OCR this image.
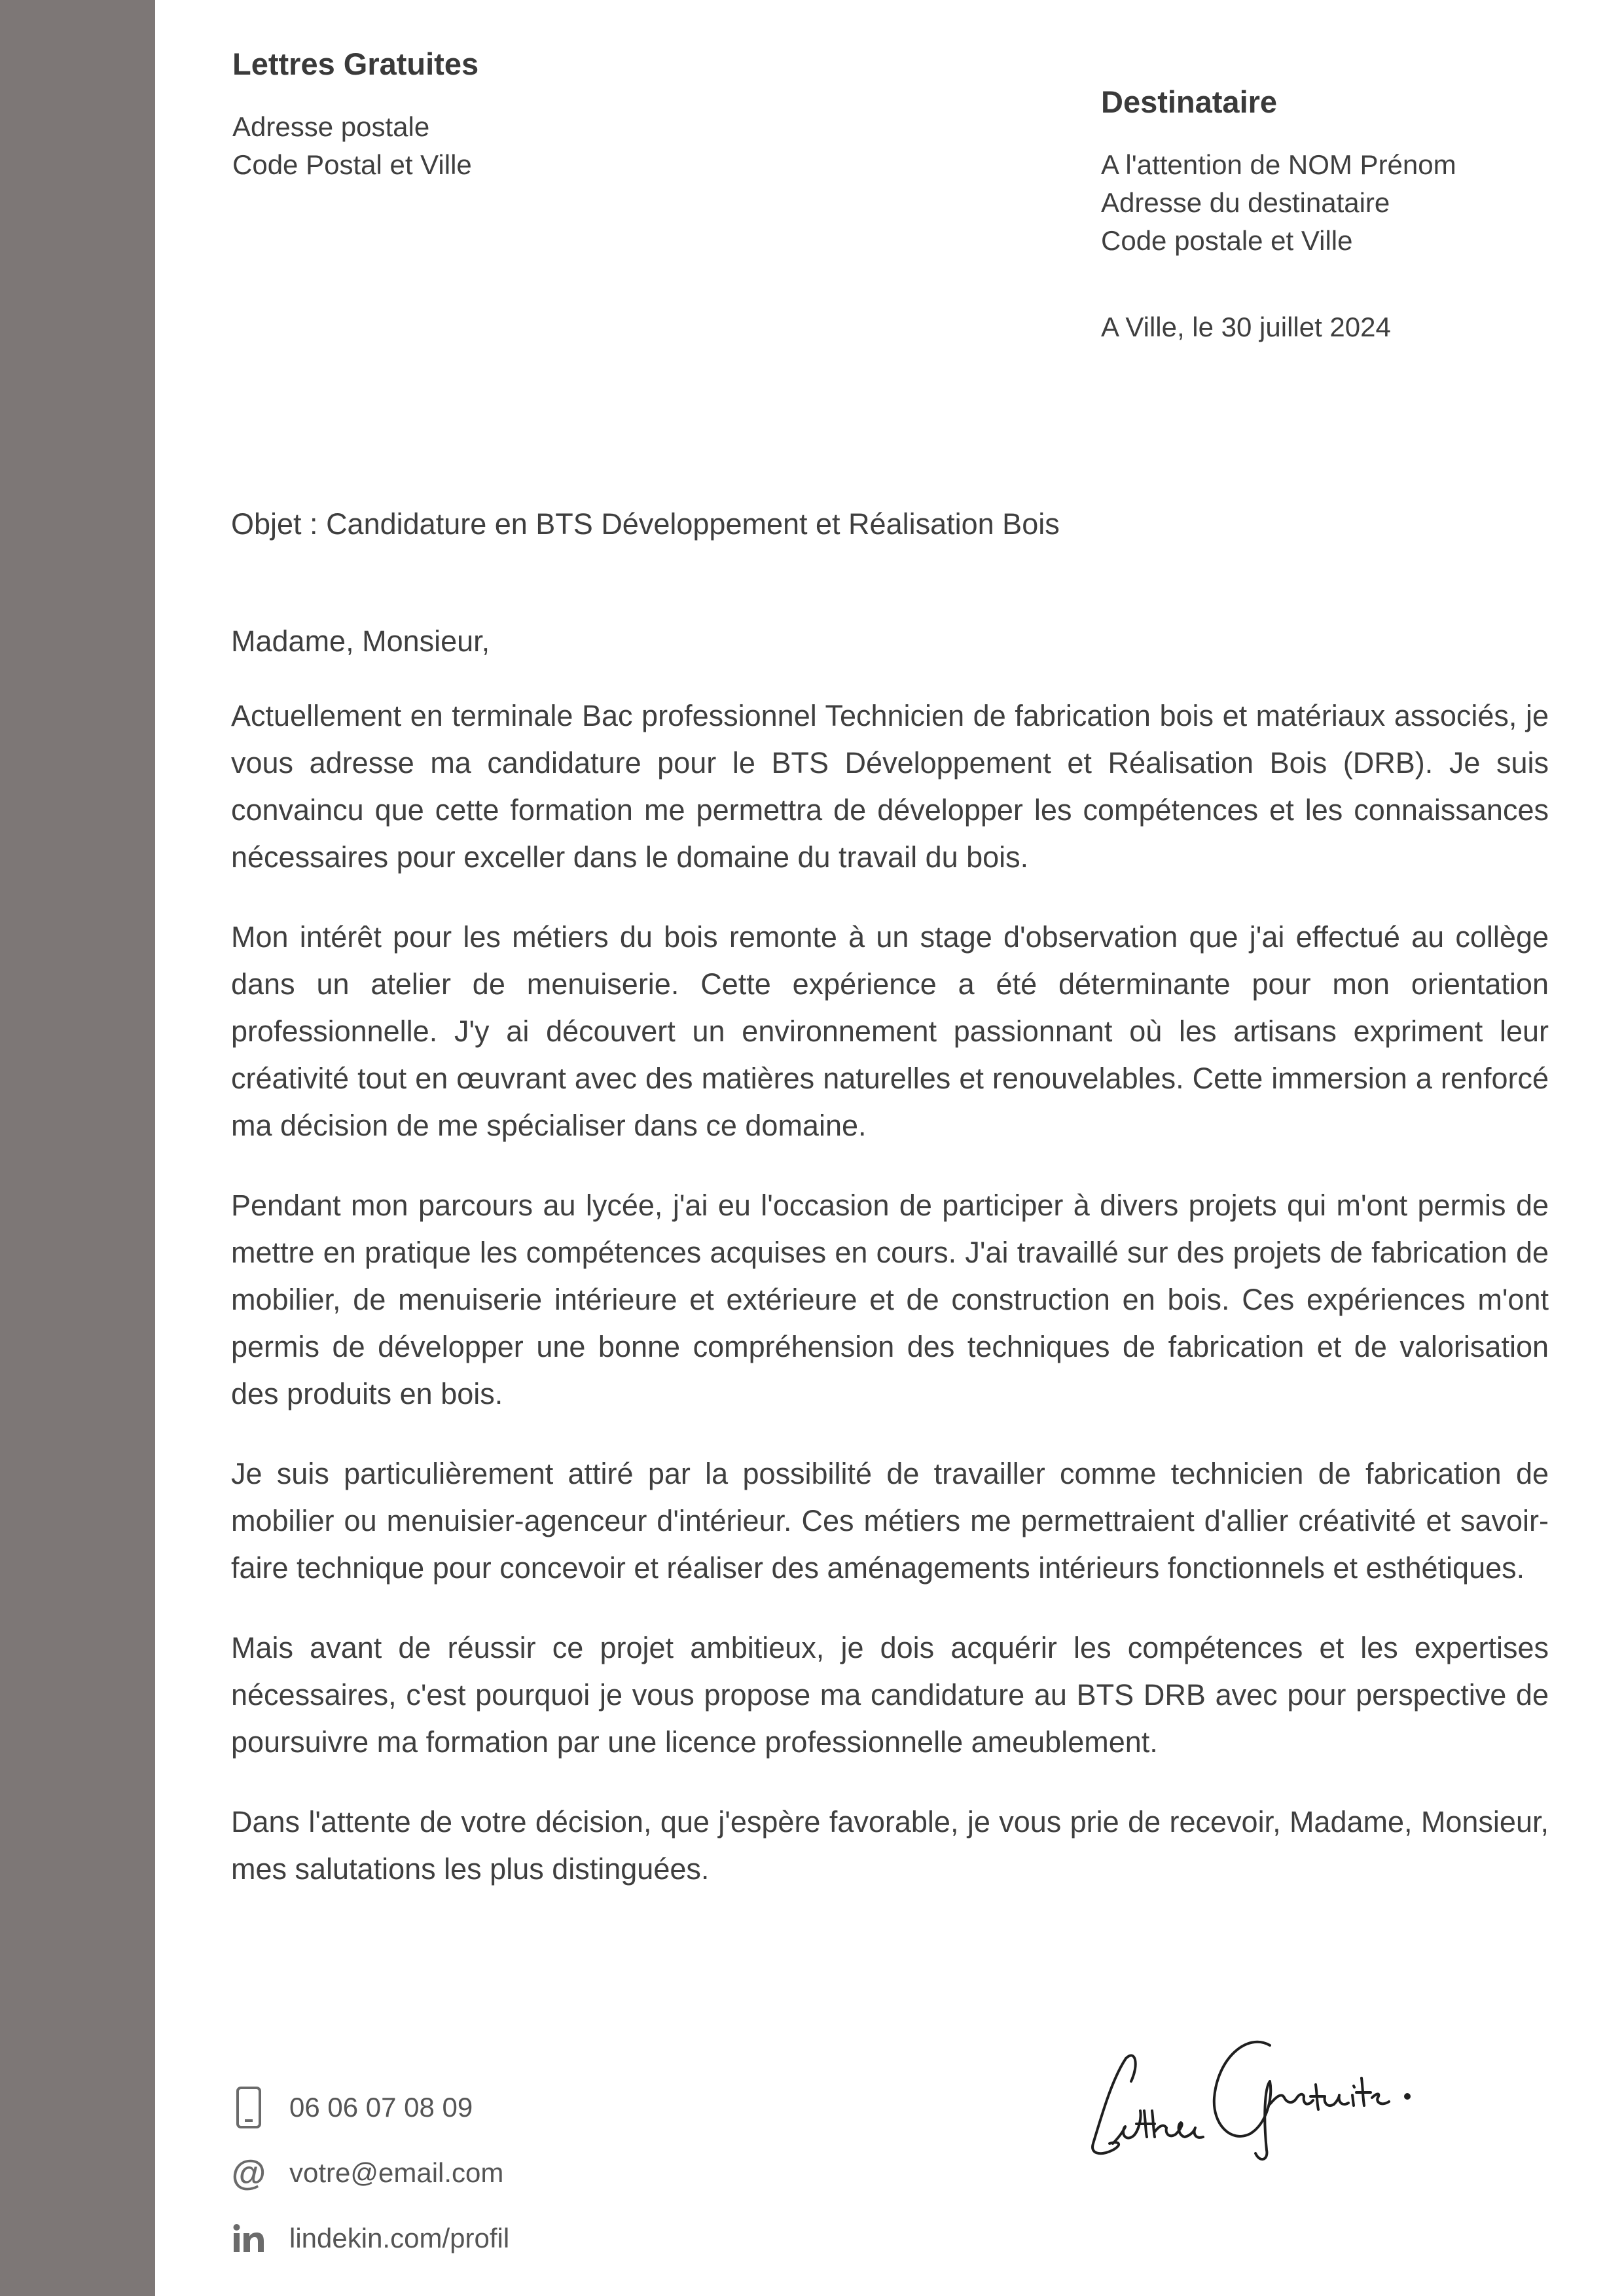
Lettres Gratuites

Adresse postale

Code Postal et Ville

Destinataire

A l'attention de NOM Prénom

Adresse du destinataire

Code postale et Ville

A Ville, le 30 juillet 2024
Objet : Candidature en BTS Développement et Réalisation Bois

Madame, Monsieur,

Actuellement en terminale Bac professionnel Technicien de fabrication bois et matériaux associés, je vous adresse ma candidature pour le BTS Développement et Réalisation Bois (DRB). Je suis convaincu que cette formation me permettra de développer les compétences et les connaissances nécessaires pour exceller dans le domaine du travail du bois.

Mon intérêt pour les métiers du bois remonte à un stage d'observation que j'ai effectué au collège dans un atelier de menuiserie. Cette expérience a été déterminante pour mon orientation professionnelle. J'y ai découvert un environnement passionnant où les artisans expriment leur créativité tout en œuvrant avec des matières naturelles et renouvelables. Cette immersion a renforcé ma décision de me spécialiser dans ce domaine.

Pendant mon parcours au lycée, j'ai eu l'occasion de participer à divers projets qui m'ont permis de mettre en pratique les compétences acquises en cours. J'ai travaillé sur des projets de fabrication de mobilier, de menuiserie intérieure et extérieure et de construction en bois. Ces expériences m'ont permis de développer une bonne compréhension des techniques de fabrication et de valorisation des produits en bois.

Je suis particulièrement attiré par la possibilité de travailler comme technicien de fabrication de mobilier ou menuisier-agenceur d'intérieur. Ces métiers me permettraient d'allier créativité et savoir-faire technique pour concevoir et réaliser des aménagements intérieurs fonctionnels et esthétiques.

Mais avant de réussir ce projet ambitieux, je dois acquérir les compétences et les expertises nécessaires, c'est pourquoi je vous propose ma candidature au BTS DRB avec pour perspective de poursuivre ma formation par une licence professionnelle ameublement.

Dans l'attente de votre décision, que j'espère favorable, je vous prie de recevoir, Madame, Monsieur, mes salutations les plus distinguées.

06 06 07 08 09
@ votre@email.com
lindekin.com/profil
